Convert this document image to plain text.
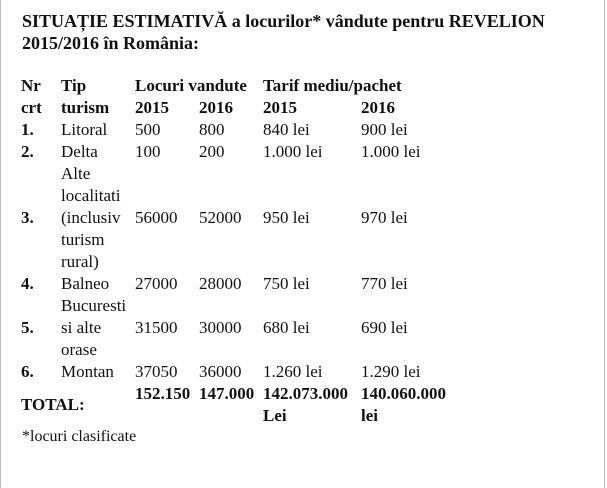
SITUAȚIE ESTIMATIVĂ a locurilor* vândute pentru REVELION 2015/2016 în România:
Nr	Tip	Locuri vandute		Tarif mediu/pachet	
crt	turism	2015	2016	2015	2016
1.	Litoral	500	800	840 lei	900 lei
2.	Delta	100	200	1.000 lei	1.000 lei
3.	Alte localitati (inclusiv turism rural)	56000	52000	950 lei	970 lei
4.	Balneo	27000	28000	750 lei	770 lei
5.	Bucuresti si alte orase	31500	30000	680 lei	690 lei
6.	Montan	37050	36000	1.260 lei	1.290 lei
TOTAL:		152.150	147.000	142.073.000 Lei	140.060.000 lei

*locuri clasificate
